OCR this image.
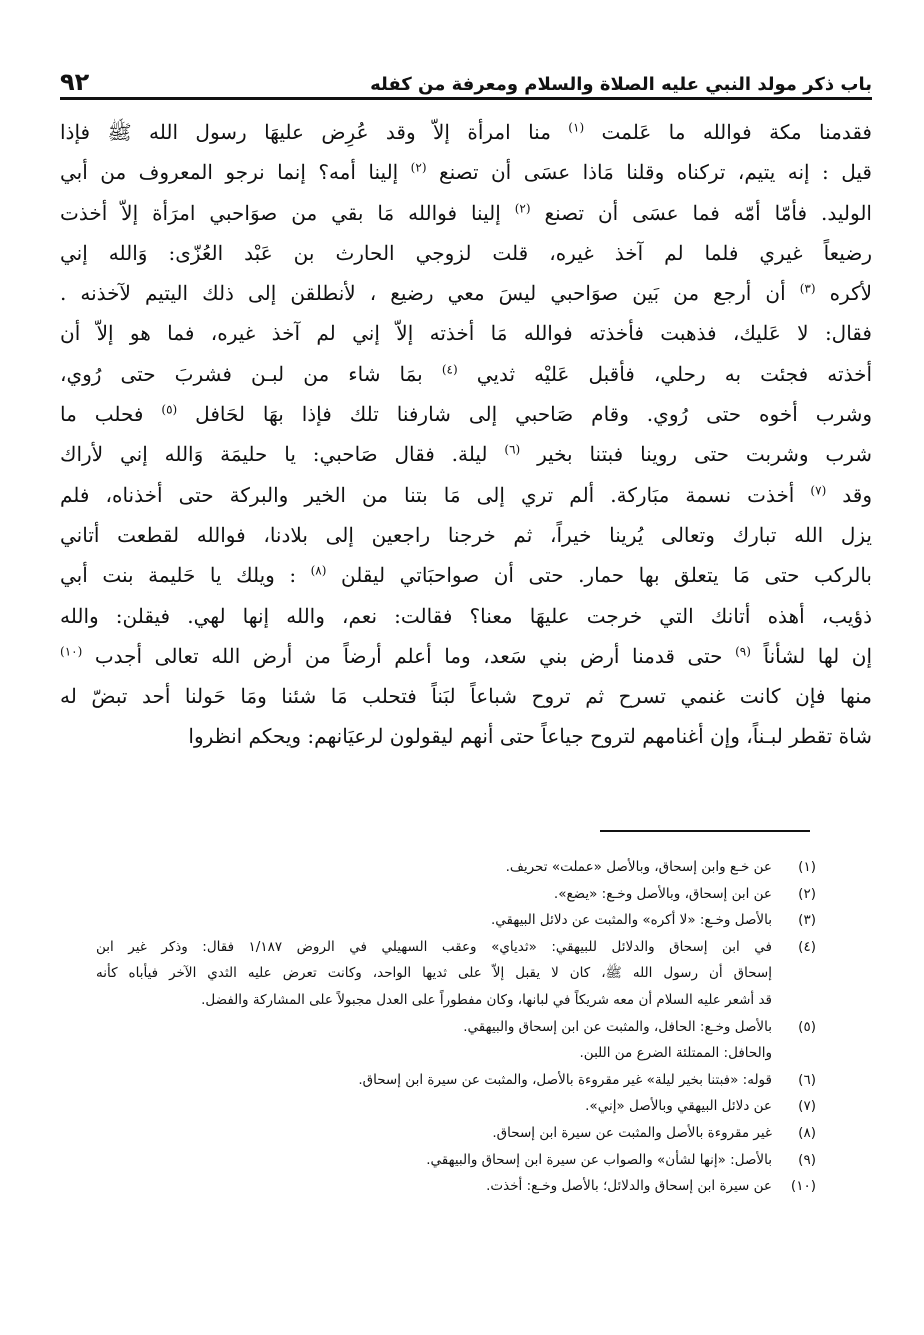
٩٢	باب ذكر مولد النبي عليه الصلاة والسلام ومعرفة من كفله
فقدمنا مكة فوالله ما عَلمت $^{(١)}$ منا امرأة إلاّ وقد عُرِض عليهَا رسول الله ﷺ فإذا
قيل : إنه يتيم، تركناه وقلنا مَاذا عسَى أن تصنع $^{(٢)}$ إلينا أمه؟ إنما نرجو المعروف من أبي
الوليد. فأمّا أمّه فما عسَى أن تصنع $^{(٢)}$ إلينا فوالله مَا بقي من صوَاحبي امرَأة إلاّ أخذت
رضيعاً غيري فلما لم آخذ غيره، قلت لزوجي الحارث بن عَبْد العُزّى: وَالله إني
لأكره $^{(٣)}$ أن أرجع من بَين صوَاحبي ليسَ معي رضيع ، لأنطلقن إلى ذلك اليتيم لآخذنه .
فقال: لا عَليك، فذهبت فأخذته فوالله مَا أخذته إلاّ إني لم آخذ غيره، فما هو إلاّ أن
أخذته فجئت به رحلي، فأقبل عَليْه ثديي $^{(٤)}$ بمَا شاء من لبـن فشربَ حتى رُوي،
وشرب أخوه حتى رُوي. وقام صَاحبي إلى شارفنا تلك فإذا بهَا لحَافل $^{(٥)}$ فحلب ما
شرب وشربت حتى روينا فبتنا بخير $^{(٦)}$ ليلة. فقال صَاحبي: يا حليمَة وَالله إني لأراك
وقد $^{(٧)}$ أخذت نسمة مبَاركة. ألم تري إلى مَا بتنا من الخير والبركة حتى أخذناه، فلم
يزل الله تبارك وتعالى يُرينا خيراً، ثم خرجنا راجعين إلى بلادنا، فوالله لقطعت أتاني
بالركب حتى مَا يتعلق بها حمار. حتى أن صواحبَاتي ليقلن $^{(٨)}$ : ويلك يا حَليمة بنت أبي
ذؤيب، أهذه أتانك التي خرجت عليهَا معنا؟ فقالت: نعم، والله إنها لهي. فيقلن: والله
إن لها لشأناً $^{(٩)}$ حتى قدمنا أرض بني سَعد، وما أعلم أرضاً من أرض الله تعالى أجدب $^{(١٠)}$
منها فإن كانت غنمي تسرح ثم تروح شباعاً لبَناً فتحلب مَا شئنا ومَا حَولنا أحد تبضّ له
شاة تقطر لبـناً، وإن أغنامهم لتروح جياعاً حتى أنهم ليقولون لرعيَانهم: ويحكم انظروا
(١)
عن خـع وابن إسحاق، وبالأصل «عملت» تحريف.
(٢)
عن ابن إسحاق، وبالأصل وخـع: «يضع».
(٣)
بالأصل وخـع: «لا أكره» والمثبت عن دلائل البيهقي.
(٤)
في ابن إسحاق والدلائل للبيهقي: «ثدياي» وعقب السهيلي في الروض ١/١٨٧ فقال: وذكر غير ابن
إسحاق أن رسول الله ﷺ، كان لا يقبل إلاّ على ثديها الواحد، وكانت تعرض عليه الثدي الآخر فيأباه كأنه
قد أشعر عليه السلام أن معه شريكاً في لبانها، وكان مفطوراً على العدل مجبولاً على المشاركة والفضل.
(٥)
بالأصل وخـع: الحافل، والمثبت عن ابن إسحاق والبيهقي.
والحافل: الممتلئة الضرع من اللبن.
(٦)
قوله: «فبتنا بخير ليلة» غير مقروءة بالأصل، والمثبت عن سيرة ابن إسحاق.
(٧)
عن دلائل البيهقي وبالأصل «إني».
(٨)
غير مقروءة بالأصل والمثبت عن سيرة ابن إسحاق.
(٩)
بالأصل: «إنها لشأن» والصواب عن سيرة ابن إسحاق والبيهقي.
(١٠)
عن سيرة ابن إسحاق والدلائل؛ بالأصل وخـع: أخذت.
